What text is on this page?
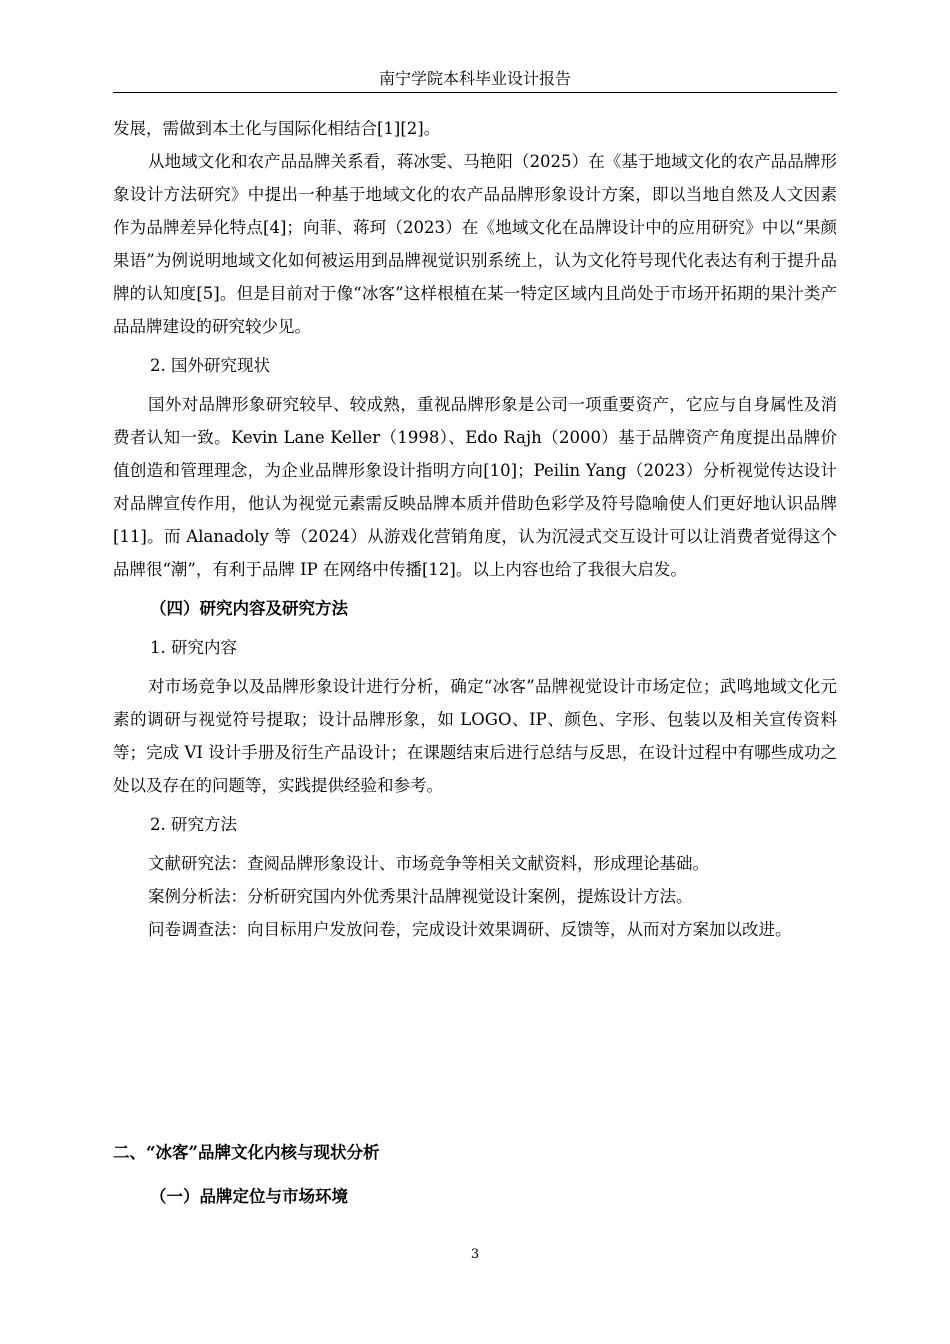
南宁学院本科毕业设计报告

发展，需做到本土化与国际化相结合[1][2]。

从地域文化和农产品品牌关系看，蒋冰雯、马艳阳（2025）在《基于地域文化的农产品品牌形象设计方法研究》中提出一种基于地域文化的农产品品牌形象设计方案，即以当地自然及人文因素作为品牌差异化特点[4]；向菲、蒋珂（2023）在《地域文化在品牌设计中的应用研究》中以“果颜果语”为例说明地域文化如何被运用到品牌视觉识别系统上，认为文化符号现代化表达有利于提升品牌的认知度[5]。但是目前对于像“冰客”这样根植在某一特定区域内且尚处于市场开拓期的果汁类产品品牌建设的研究较少见。

2. 国外研究现状

国外对品牌形象研究较早、较成熟，重视品牌形象是公司一项重要资产，它应与自身属性及消费者认知一致。Kevin Lane Keller（1998）、Edo Rajh（2000）基于品牌资产角度提出品牌价值创造和管理理念，为企业品牌形象设计指明方向[10]；Peilin Yang（2023）分析视觉传达设计对品牌宣传作用，他认为视觉元素需反映品牌本质并借助色彩学及符号隐喻使人们更好地认识品牌[11]。而 Alanadoly 等（2024）从游戏化营销角度，认为沉浸式交互设计可以让消费者觉得这个品牌很“潮”，有利于品牌 IP 在网络中传播[12]。以上内容也给了我很大启发。

（四）研究内容及研究方法

1. 研究内容

对市场竞争以及品牌形象设计进行分析，确定“冰客”品牌视觉设计市场定位；武鸣地域文化元素的调研与视觉符号提取；设计品牌形象，如 LOGO、IP、颜色、字形、包装以及相关宣传资料等；完成 VI 设计手册及衍生产品设计；在课题结束后进行总结与反思，在设计过程中有哪些成功之处以及存在的问题等，实践提供经验和参考。

2. 研究方法

文献研究法：查阅品牌形象设计、市场竞争等相关文献资料，形成理论基础。

案例分析法：分析研究国内外优秀果汁品牌视觉设计案例，提炼设计方法。

问卷调查法：向目标用户发放问卷，完成设计效果调研、反馈等，从而对方案加以改进。

二、“冰客”品牌文化内核与现状分析
（一）品牌定位与市场环境
3
